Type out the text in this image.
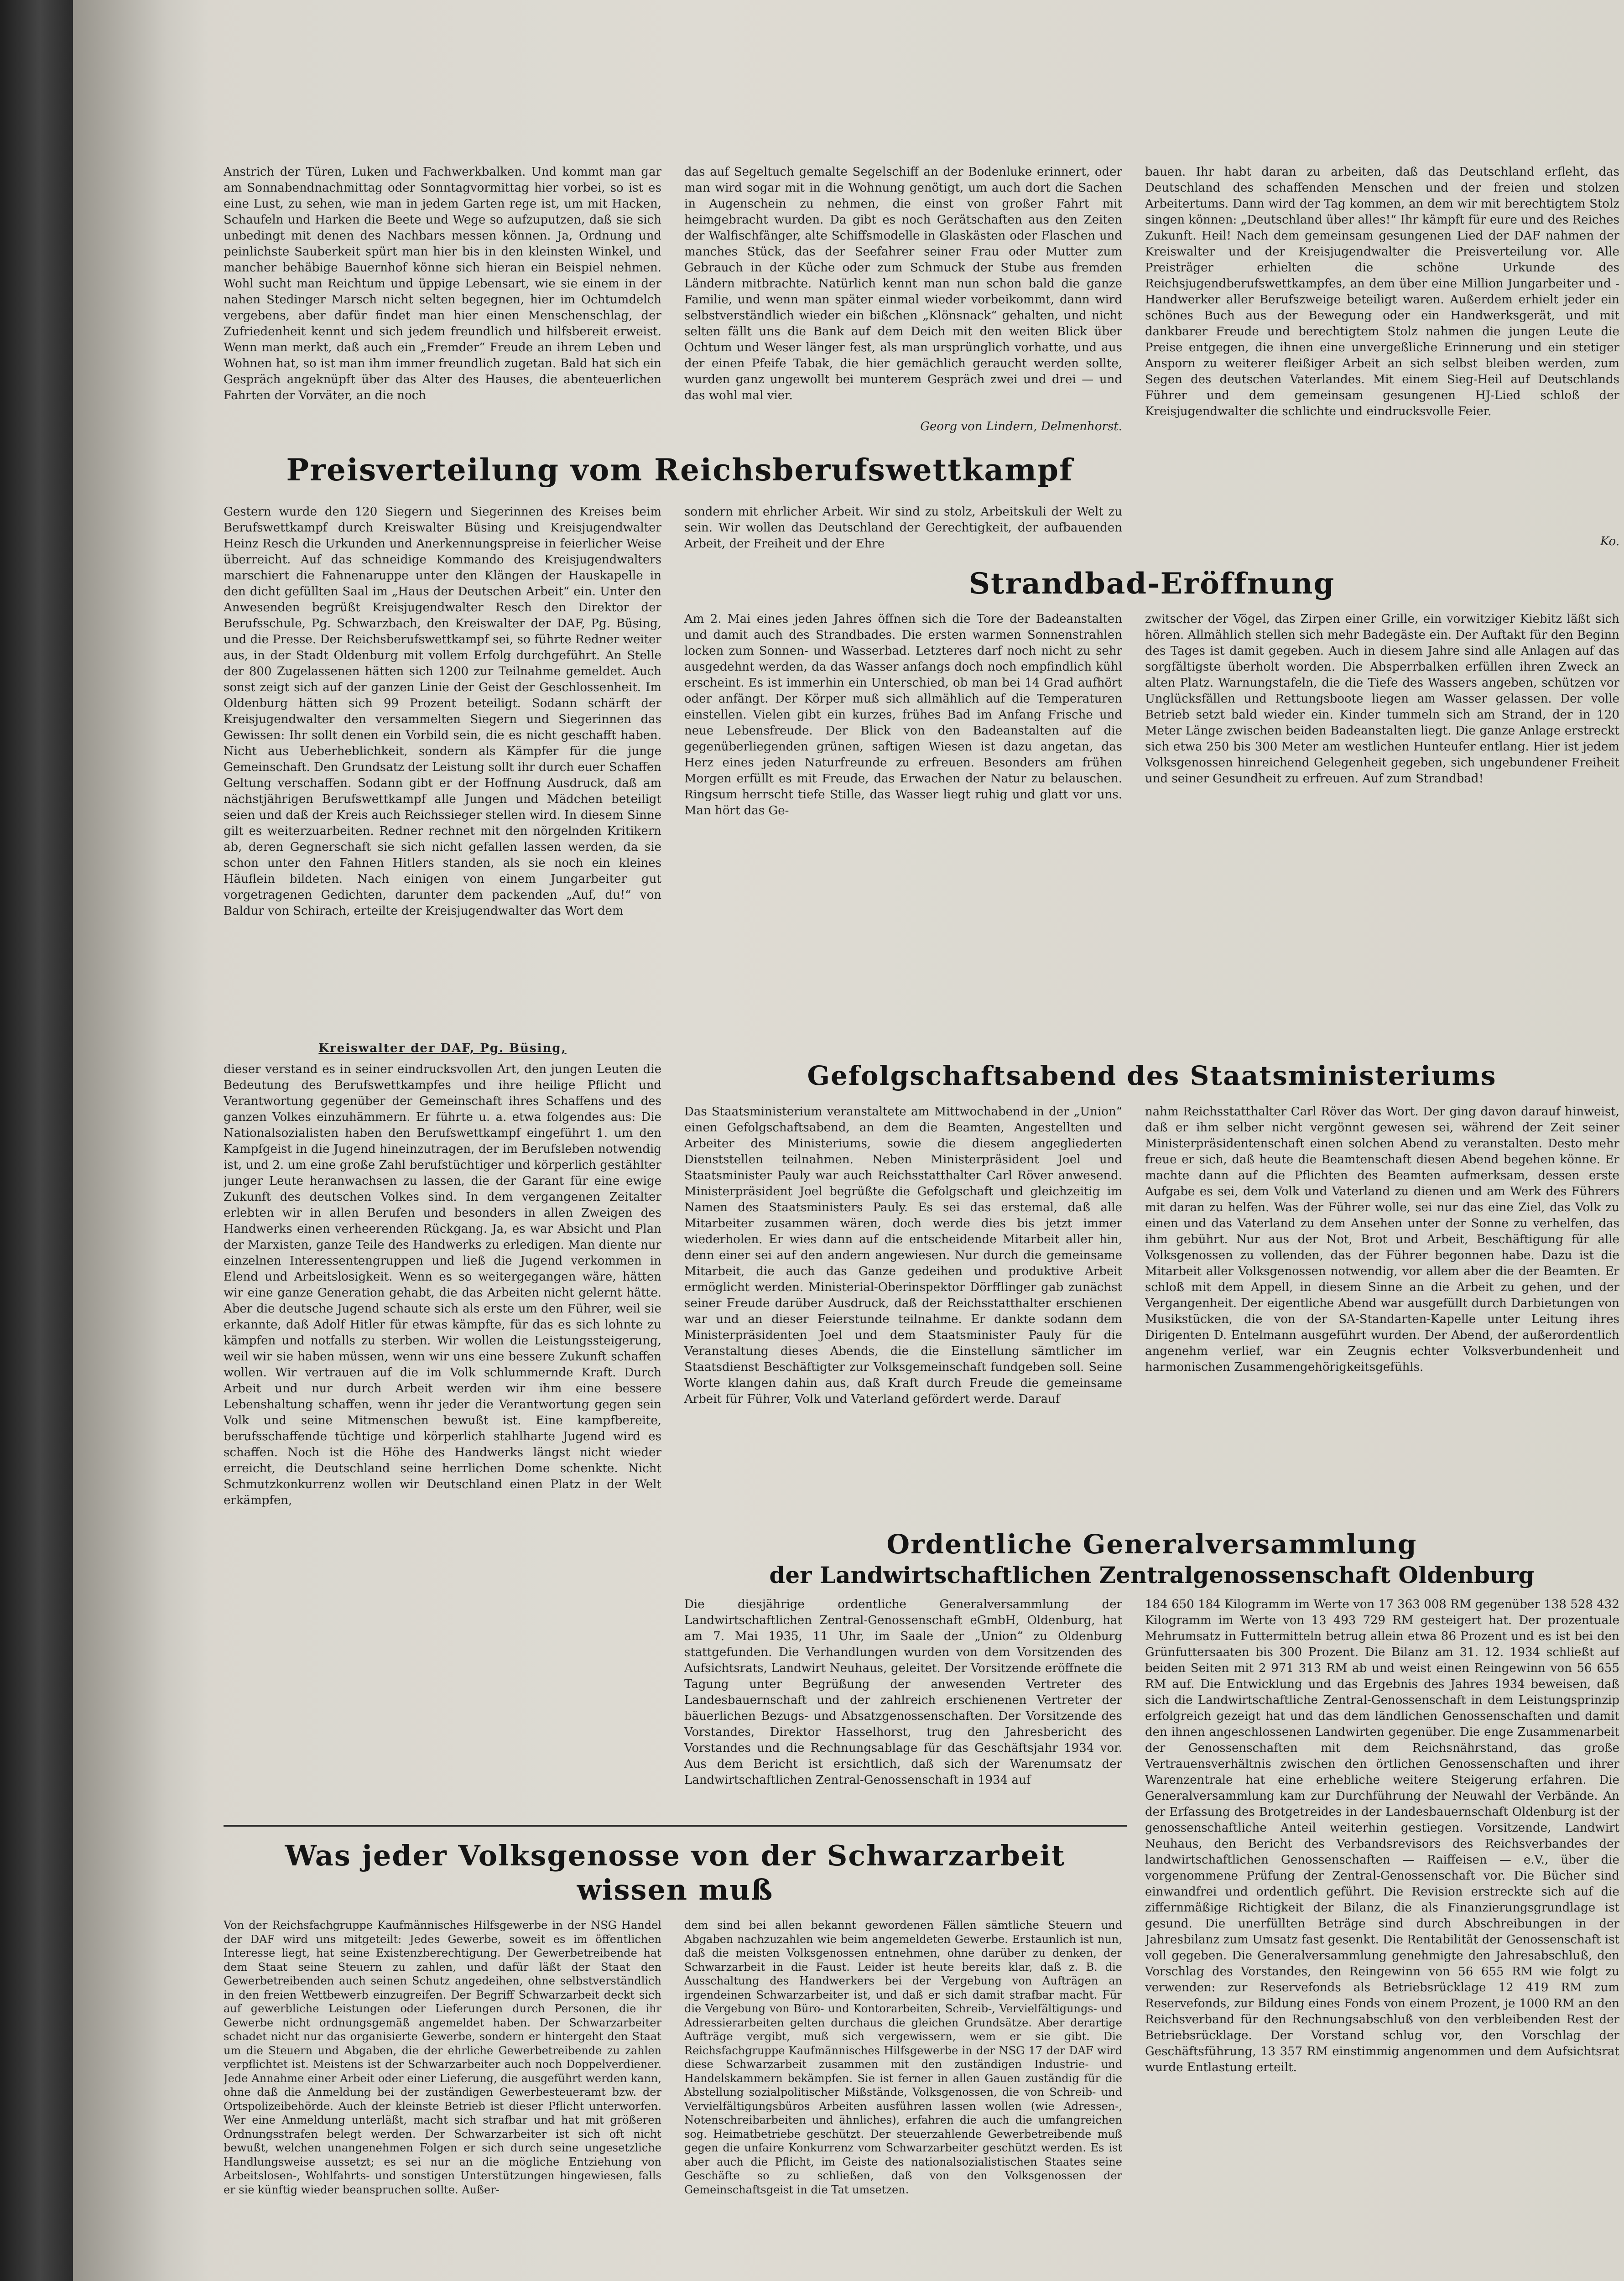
Anstrich der Türen, Luken und Fachwerkbalken. Und kommt man gar am Sonnabendnachmittag oder Sonntagvormittag hier vorbei, so ist es eine Lust, zu sehen, wie man in jedem Garten rege ist, um mit Hacken, Schaufeln und Harken die Beete und Wege so aufzuputzen, daß sie sich unbedingt mit denen des Nachbars messen können. Ja, Ordnung und peinlichste Sauberkeit spürt man hier bis in den kleinsten Winkel, und mancher behäbige Bauernhof könne sich hieran ein Beispiel nehmen. Wohl sucht man Reichtum und üppige Lebensart, wie sie einem in der nahen Stedinger Marsch nicht selten begegnen, hier im Ochtumdelch vergebens, aber dafür findet man hier einen Menschenschlag, der Zufriedenheit kennt und sich jedem freundlich und hilfsbereit erweist. Wenn man merkt, daß auch ein „Fremder“ Freude an ihrem Leben und Wohnen hat, so ist man ihm immer freundlich zugetan. Bald hat sich ein Gespräch angeknüpft über das Alter des Hauses, die abenteuerlichen Fahrten der Vorväter, an die noch

das auf Segeltuch gemalte Segelschiff an der Bodenluke erinnert, oder man wird sogar mit in die Wohnung genötigt, um auch dort die Sachen in Augenschein zu nehmen, die einst von großer Fahrt mit heimgebracht wurden. Da gibt es noch Gerätschaften aus den Zeiten der Walfischfänger, alte Schiffsmodelle in Glaskästen oder Flaschen und manches Stück, das der Seefahrer seiner Frau oder Mutter zum Gebrauch in der Küche oder zum Schmuck der Stube aus fremden Ländern mitbrachte. Natürlich kennt man nun schon bald die ganze Familie, und wenn man später einmal wieder vorbeikommt, dann wird selbstverständlich wieder ein bißchen „Klönsnack“ gehalten, und nicht selten fällt uns die Bank auf dem Deich mit den weiten Blick über Ochtum und Weser länger fest, als man ursprünglich vorhatte, und aus der einen Pfeife Tabak, die hier gemächlich geraucht werden sollte, wurden ganz ungewollt bei munterem Gespräch zwei und drei — und das wohl mal vier.

Georg von Lindern, Delmenhorst.

bauen. Ihr habt daran zu arbeiten, daß das Deutschland erfleht, das Deutschland des schaffenden Menschen und der freien und stolzen Arbeitertums. Dann wird der Tag kommen, an dem wir mit berechtigtem Stolz singen können: „Deutschland über alles!“ Ihr kämpft für eure und des Reiches Zukunft. Heil! Nach dem gemeinsam gesungenen Lied der DAF nahmen der Kreiswalter und der Kreisjugendwalter die Preisverteilung vor. Alle Preisträger erhielten die schöne Urkunde des Reichsjugendberufswettkampfes, an dem über eine Million Jungarbeiter und -Handwerker aller Berufszweige beteiligt waren. Außerdem erhielt jeder ein schönes Buch aus der Bewegung oder ein Handwerksgerät, und mit dankbarer Freude und berechtigtem Stolz nahmen die jungen Leute die Preise entgegen, die ihnen eine unvergeßliche Erinnerung und ein stetiger Ansporn zu weiterer fleißiger Arbeit an sich selbst bleiben werden, zum Segen des deutschen Vaterlandes. Mit einem Sieg-Heil auf Deutschlands Führer und dem gemeinsam gesungenen HJ-Lied schloß der Kreisjugendwalter die schlichte und eindrucksvolle Feier.

Ko.

Preisverteilung vom Reichsberufswettkampf

Gestern wurde den 120 Siegern und Siegerinnen des Kreises beim Berufswettkampf durch Kreiswalter Büsing und Kreisjugendwalter Heinz Resch die Urkunden und Anerkennungspreise in feierlicher Weise überreicht. Auf das schneidige Kommando des Kreisjugendwalters marschiert die Fahnenaruppe unter den Klängen der Hauskapelle in den dicht gefüllten Saal im „Haus der Deutschen Arbeit“ ein. Unter den Anwesenden begrüßt Kreisjugendwalter Resch den Direktor der Berufsschule, Pg. Schwarzbach, den Kreiswalter der DAF, Pg. Büsing, und die Presse. Der Reichsberufswettkampf sei, so führte Redner weiter aus, in der Stadt Oldenburg mit vollem Erfolg durchgeführt. An Stelle der 800 Zugelassenen hätten sich 1200 zur Teilnahme gemeldet. Auch sonst zeigt sich auf der ganzen Linie der Geist der Geschlossenheit. Im Oldenburg hätten sich 99 Prozent beteiligt. Sodann schärft der Kreisjugendwalter den versammelten Siegern und Siegerinnen das Gewissen: Ihr sollt denen ein Vorbild sein, die es nicht geschafft haben. Nicht aus Ueberheblichkeit, sondern als Kämpfer für die junge Gemeinschaft. Den Grundsatz der Leistung sollt ihr durch euer Schaffen Geltung verschaffen. Sodann gibt er der Hoffnung Ausdruck, daß am nächstjährigen Berufswettkampf alle Jungen und Mädchen beteiligt seien und daß der Kreis auch Reichssieger stellen wird. In diesem Sinne gilt es weiterzuarbeiten. Redner rechnet mit den nörgelnden Kritikern ab, deren Gegnerschaft sie sich nicht gefallen lassen werden, da sie schon unter den Fahnen Hitlers standen, als sie noch ein kleines Häuflein bildeten. Nach einigen von einem Jungarbeiter gut vorgetragenen Gedichten, darunter dem packenden „Auf, du!“ von Baldur von Schirach, erteilte der Kreisjugendwalter das Wort dem

Kreiswalter der DAF, Pg. Büsing,

dieser verstand es in seiner eindrucksvollen Art, den jungen Leuten die Bedeutung des Berufswettkampfes und ihre heilige Pflicht und Verantwortung gegenüber der Gemeinschaft ihres Schaffens und des ganzen Volkes einzuhämmern. Er führte u. a. etwa folgendes aus: Die Nationalsozialisten haben den Berufswettkampf eingeführt 1. um den Kampfgeist in die Jugend hineinzutragen, der im Berufsleben notwendig ist, und 2. um eine große Zahl berufstüchtiger und körperlich gestählter junger Leute heranwachsen zu lassen, die der Garant für eine ewige Zukunft des deutschen Volkes sind. In dem vergangenen Zeitalter erlebten wir in allen Berufen und besonders in allen Zweigen des Handwerks einen verheerenden Rückgang. Ja, es war Absicht und Plan der Marxisten, ganze Teile des Handwerks zu erledigen. Man diente nur einzelnen Interessentengruppen und ließ die Jugend verkommen in Elend und Arbeitslosigkeit. Wenn es so weitergegangen wäre, hätten wir eine ganze Generation gehabt, die das Arbeiten nicht gelernt hätte. Aber die deutsche Jugend schaute sich als erste um den Führer, weil sie erkannte, daß Adolf Hitler für etwas kämpfte, für das es sich lohnte zu kämpfen und notfalls zu sterben. Wir wollen die Leistungssteigerung, weil wir sie haben müssen, wenn wir uns eine bessere Zukunft schaffen wollen. Wir vertrauen auf die im Volk schlummernde Kraft. Durch Arbeit und nur durch Arbeit werden wir ihm eine bessere Lebenshaltung schaffen, wenn ihr jeder die Verantwortung gegen sein Volk und seine Mitmenschen bewußt ist. Eine kampfbereite, berufsschaffende tüchtige und körperlich stahlharte Jugend wird es schaffen. Noch ist die Höhe des Handwerks längst nicht wieder erreicht, die Deutschland seine herrlichen Dome schenkte. Nicht Schmutzkonkurrenz wollen wir Deutschland einen Platz in der Welt erkämpfen,

sondern mit ehrlicher Arbeit. Wir sind zu stolz, Arbeitskuli der Welt zu sein. Wir wollen das Deutschland der Gerechtigkeit, der aufbauenden Arbeit, der Freiheit und der Ehre

Strandbad-Eröffnung

Am 2. Mai eines jeden Jahres öffnen sich die Tore der Badeanstalten und damit auch des Strandbades. Die ersten warmen Sonnenstrahlen locken zum Sonnen- und Wasserbad. Letzteres darf noch nicht zu sehr ausgedehnt werden, da das Wasser anfangs doch noch empfindlich kühl erscheint. Es ist immerhin ein Unterschied, ob man bei 14 Grad aufhört oder anfängt. Der Körper muß sich allmählich auf die Temperaturen einstellen. Vielen gibt ein kurzes, frühes Bad im Anfang Frische und neue Lebensfreude. Der Blick von den Badeanstalten auf die gegenüberliegenden grünen, saftigen Wiesen ist dazu angetan, das Herz eines jeden Naturfreunde zu erfreuen. Besonders am frühen Morgen erfüllt es mit Freude, das Erwachen der Natur zu belauschen. Ringsum herrscht tiefe Stille, das Wasser liegt ruhig und glatt vor uns. Man hört das Ge-

zwitscher der Vögel, das Zirpen einer Grille, ein vorwitziger Kiebitz läßt sich hören. Allmählich stellen sich mehr Badegäste ein. Der Auftakt für den Beginn des Tages ist damit gegeben. Auch in diesem Jahre sind alle Anlagen auf das sorgfältigste überholt worden. Die Absperrbalken erfüllen ihren Zweck an alten Platz. Warnungstafeln, die die Tiefe des Wassers angeben, schützen vor Unglücksfällen und Rettungsboote liegen am Wasser gelassen. Der volle Betrieb setzt bald wieder ein. Kinder tummeln sich am Strand, der in 120 Meter Länge zwischen beiden Badeanstalten liegt. Die ganze Anlage erstreckt sich etwa 250 bis 300 Meter am westlichen Hunteufer entlang. Hier ist jedem Volksgenossen hinreichend Gelegenheit gegeben, sich ungebundener Freiheit und seiner Gesundheit zu erfreuen. Auf zum Strandbad!

Gefolgschaftsabend des Staatsministeriums

Das Staatsministerium veranstaltete am Mittwochabend in der „Union“ einen Gefolgschaftsabend, an dem die Beamten, Angestellten und Arbeiter des Ministeriums, sowie die diesem angegliederten Dienststellen teilnahmen. Neben Ministerpräsident Joel und Staatsminister Pauly war auch Reichsstatthalter Carl Röver anwesend. Ministerpräsident Joel begrüßte die Gefolgschaft und gleichzeitig im Namen des Staatsministers Pauly. Es sei das erstemal, daß alle Mitarbeiter zusammen wären, doch werde dies bis jetzt immer wiederholen. Er wies dann auf die entscheidende Mitarbeit aller hin, denn einer sei auf den andern angewiesen. Nur durch die gemeinsame Mitarbeit, die auch das Ganze gedeihen und produktive Arbeit ermöglicht werden. Ministerial-Oberinspektor Dörfflinger gab zunächst seiner Freude darüber Ausdruck, daß der Reichsstatthalter erschienen war und an dieser Feierstunde teilnahme. Er dankte sodann dem Ministerpräsidenten Joel und dem Staatsminister Pauly für die Veranstaltung dieses Abends, die die Einstellung sämtlicher im Staatsdienst Beschäftigter zur Volksgemeinschaft fundgeben soll. Seine Worte klangen dahin aus, daß Kraft durch Freude die gemeinsame Arbeit für Führer, Volk und Vaterland gefördert werde. Darauf

nahm Reichsstatthalter Carl Röver das Wort. Der ging davon darauf hinweist, daß er ihm selber nicht vergönnt gewesen sei, während der Zeit seiner Ministerpräsidentenschaft einen solchen Abend zu veranstalten. Desto mehr freue er sich, daß heute die Beamtenschaft diesen Abend begehen könne. Er machte dann auf die Pflichten des Beamten aufmerksam, dessen erste Aufgabe es sei, dem Volk und Vaterland zu dienen und am Werk des Führers mit daran zu helfen. Was der Führer wolle, sei nur das eine Ziel, das Volk zu einen und das Vaterland zu dem Ansehen unter der Sonne zu verhelfen, das ihm gebührt. Nur aus der Not, Brot und Arbeit, Beschäftigung für alle Volksgenossen zu vollenden, das der Führer begonnen habe. Dazu ist die Mitarbeit aller Volksgenossen notwendig, vor allem aber die der Beamten. Er schloß mit dem Appell, in diesem Sinne an die Arbeit zu gehen, und der Vergangenheit. Der eigentliche Abend war ausgefüllt durch Darbietungen von Musikstücken, die von der SA-Standarten-Kapelle unter Leitung ihres Dirigenten D. Entelmann ausgeführt wurden. Der Abend, der außerordentlich angenehm verlief, war ein Zeugnis echter Volksverbundenheit und harmonischen Zusammengehörigkeitsgefühls.

Ordentliche Generalversammlung
der Landwirtschaftlichen Zentralgenossenschaft Oldenburg

Die diesjährige ordentliche Generalversammlung der Landwirtschaftlichen Zentral-Genossenschaft eGmbH, Oldenburg, hat am 7. Mai 1935, 11 Uhr, im Saale der „Union“ zu Oldenburg stattgefunden. Die Verhandlungen wurden von dem Vorsitzenden des Aufsichtsrats, Landwirt Neuhaus, geleitet. Der Vorsitzende eröffnete die Tagung unter Begrüßung der anwesenden Vertreter des Landesbauernschaft und der zahlreich erschienenen Vertreter der bäuerlichen Bezugs- und Absatzgenossenschaften. Der Vorsitzende des Vorstandes, Direktor Hasselhorst, trug den Jahresbericht des Vorstandes und die Rechnungsablage für das Geschäftsjahr 1934 vor. Aus dem Bericht ist ersichtlich, daß sich der Warenumsatz der Landwirtschaftlichen Zentral-Genossenschaft in 1934 auf

184 650 184 Kilogramm im Werte von 17 363 008 RM gegenüber 138 528 432 Kilogramm im Werte von 13 493 729 RM gesteigert hat. Der prozentuale Mehrumsatz in Futtermitteln betrug allein etwa 86 Prozent und es ist bei den Grünfuttersaaten bis 300 Prozent. Die Bilanz am 31. 12. 1934 schließt auf beiden Seiten mit 2 971 313 RM ab und weist einen Reingewinn von 56 655 RM auf. Die Entwicklung und das Ergebnis des Jahres 1934 beweisen, daß sich die Landwirtschaftliche Zentral-Genossenschaft in dem Leistungsprinzip erfolgreich gezeigt hat und das dem ländlichen Genossenschaften und damit den ihnen angeschlossenen Landwirten gegenüber. Die enge Zusammenarbeit der Genossenschaften mit dem Reichsnährstand, das große Vertrauensverhältnis zwischen den örtlichen Genossenschaften und ihrer Warenzentrale hat eine erhebliche weitere Steigerung erfahren. Die Generalversammlung kam zur Durchführung der Neuwahl der Verbände. An der Erfassung des Brotgetreides in der Landesbauernschaft Oldenburg ist der genossenschaftliche Anteil weiterhin gestiegen. Vorsitzende, Landwirt Neuhaus, den Bericht des Verbandsrevisors des Reichsverbandes der landwirtschaftlichen Genossenschaften — Raiffeisen — e.V., über die vorgenommene Prüfung der Zentral-Genossenschaft vor. Die Bücher sind einwandfrei und ordentlich geführt. Die Revision erstreckte sich auf die ziffernmäßige Richtigkeit der Bilanz, die als Finanzierungsgrundlage ist gesund. Die unerfüllten Beträge sind durch Abschreibungen in der Jahresbilanz zum Umsatz fast gesenkt. Die Rentabilität der Genossenschaft ist voll gegeben. Die Generalversammlung genehmigte den Jahresabschluß, den Vorschlag des Vorstandes, den Reingewinn von 56 655 RM wie folgt zu verwenden: zur Reservefonds als Betriebsrücklage 12 419 RM zum Reservefonds, zur Bildung eines Fonds von einem Prozent, je 1000 RM an den Reichsverband für den Rechnungsabschluß von den verbleibenden Rest der Betriebsrücklage. Der Vorstand schlug vor, den Vorschlag der Geschäftsführung, 13 357 RM einstimmig angenommen und dem Aufsichtsrat wurde Entlastung erteilt.

Was jeder Volksgenosse von der Schwarzarbeit
wissen muß

Von der Reichsfachgruppe Kaufmännisches Hilfsgewerbe in der NSG Handel der DAF wird uns mitgeteilt: Jedes Gewerbe, soweit es im öffentlichen Interesse liegt, hat seine Existenzberechtigung. Der Gewerbetreibende hat dem Staat seine Steuern zu zahlen, und dafür läßt der Staat den Gewerbetreibenden auch seinen Schutz angedeihen, ohne selbstverständlich in den freien Wettbewerb einzugreifen. Der Begriff Schwarzarbeit deckt sich auf gewerbliche Leistungen oder Lieferungen durch Personen, die ihr Gewerbe nicht ordnungsgemäß angemeldet haben. Der Schwarzarbeiter schadet nicht nur das organisierte Gewerbe, sondern er hintergeht den Staat um die Steuern und Abgaben, die der ehrliche Gewerbetreibende zu zahlen verpflichtet ist. Meistens ist der Schwarzarbeiter auch noch Doppelverdiener. Jede Annahme einer Arbeit oder einer Lieferung, die ausgeführt werden kann, ohne daß die Anmeldung bei der zuständigen Gewerbesteueramt bzw. der Ortspolizeibehörde. Auch der kleinste Betrieb ist dieser Pflicht unterworfen. Wer eine Anmeldung unterläßt, macht sich strafbar und hat mit größeren Ordnungsstrafen belegt werden. Der Schwarzarbeiter ist sich oft nicht bewußt, welchen unangenehmen Folgen er sich durch seine ungesetzliche Handlungsweise aussetzt; es sei nur an die mögliche Entziehung von Arbeitslosen-, Wohlfahrts- und sonstigen Unterstützungen hingewiesen, falls er sie künftig wieder beanspruchen sollte. Außer-

dem sind bei allen bekannt gewordenen Fällen sämtliche Steuern und Abgaben nachzuzahlen wie beim angemeldeten Gewerbe. Erstaunlich ist nun, daß die meisten Volksgenossen entnehmen, ohne darüber zu denken, der Schwarzarbeit in die Faust. Leider ist heute bereits klar, daß z. B. die Ausschaltung des Handwerkers bei der Vergebung von Aufträgen an irgendeinen Schwarzarbeiter ist, und daß er sich damit strafbar macht. Für die Vergebung von Büro- und Kontorarbeiten, Schreib-, Vervielfältigungs- und Adressierarbeiten gelten durchaus die gleichen Grundsätze. Aber derartige Aufträge vergibt, muß sich vergewissern, wem er sie gibt. Die Reichsfachgruppe Kaufmännisches Hilfsgewerbe in der NSG 17 der DAF wird diese Schwarzarbeit zusammen mit den zuständigen Industrie- und Handelskammern bekämpfen. Sie ist ferner in allen Gauen zuständig für die Abstellung sozialpolitischer Mißstände, Volksgenossen, die von Schreib- und Vervielfältigungsbüros Arbeiten ausführen lassen wollen (wie Adressen-, Notenschreibarbeiten und ähnliches), erfahren die auch die umfangreichen sog. Heimatbetriebe geschützt. Der steuerzahlende Gewerbetreibende muß gegen die unfaire Konkurrenz vom Schwarzarbeiter geschützt werden. Es ist aber auch die Pflicht, im Geiste des nationalsozialistischen Staates seine Geschäfte so zu schließen, daß von den Volksgenossen der Gemeinschaftsgeist in die Tat umsetzen.
